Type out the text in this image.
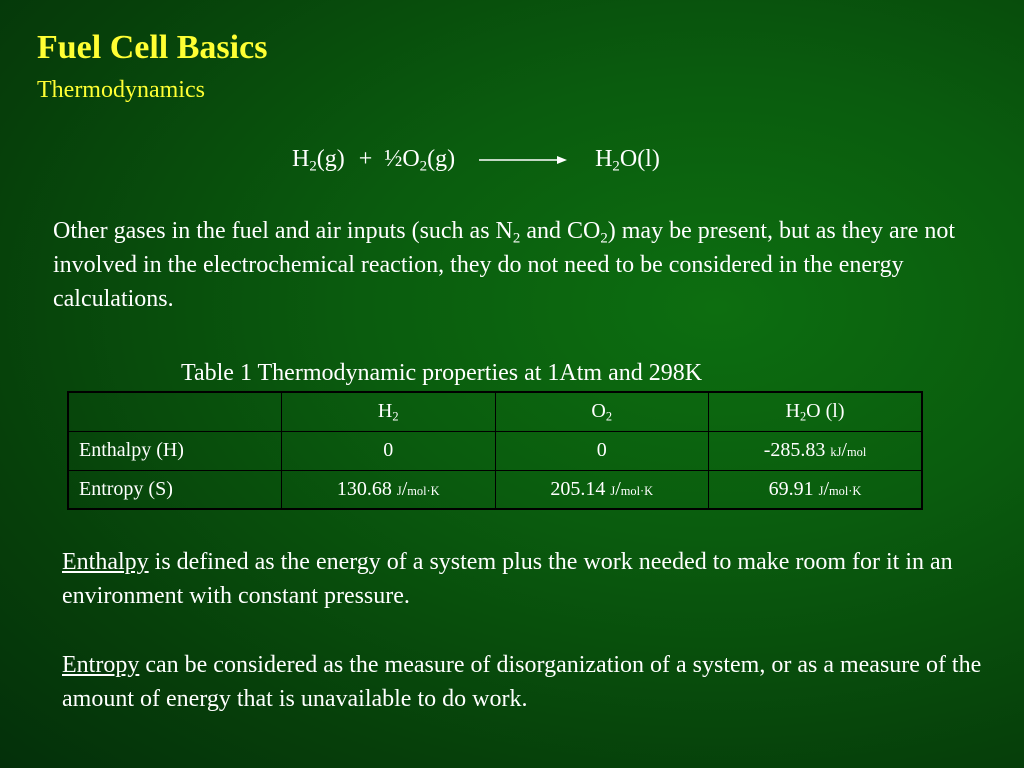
Fuel Cell Basics
Thermodynamics
$H_2(g)$ + $\frac{1}{2}O_2(g) \to H_2O(l)$
Other gases in the fuel and air inputs (such as $N_2$ and $CO_2$) may be present, but as they are not involved in the electrochemical reaction, they do not need to be considered in the energy calculations.
Table 1 Thermodynamic properties at 1Atm and 298K
	$H_2$	$O_2$	$H_2O$ (l)
Enthalpy (H)	0	0	-285.83 kJ/mol
Entropy (S)	130.68 J/mol·K	205.14 J/mol·K	69.91 J/mol·K
Enthalpy is defined as the energy of a system plus the work needed to make room for it in an environment with constant pressure.
Entropy can be considered as the measure of disorganization of a system, or as a measure of the amount of energy that is unavailable to do work.
